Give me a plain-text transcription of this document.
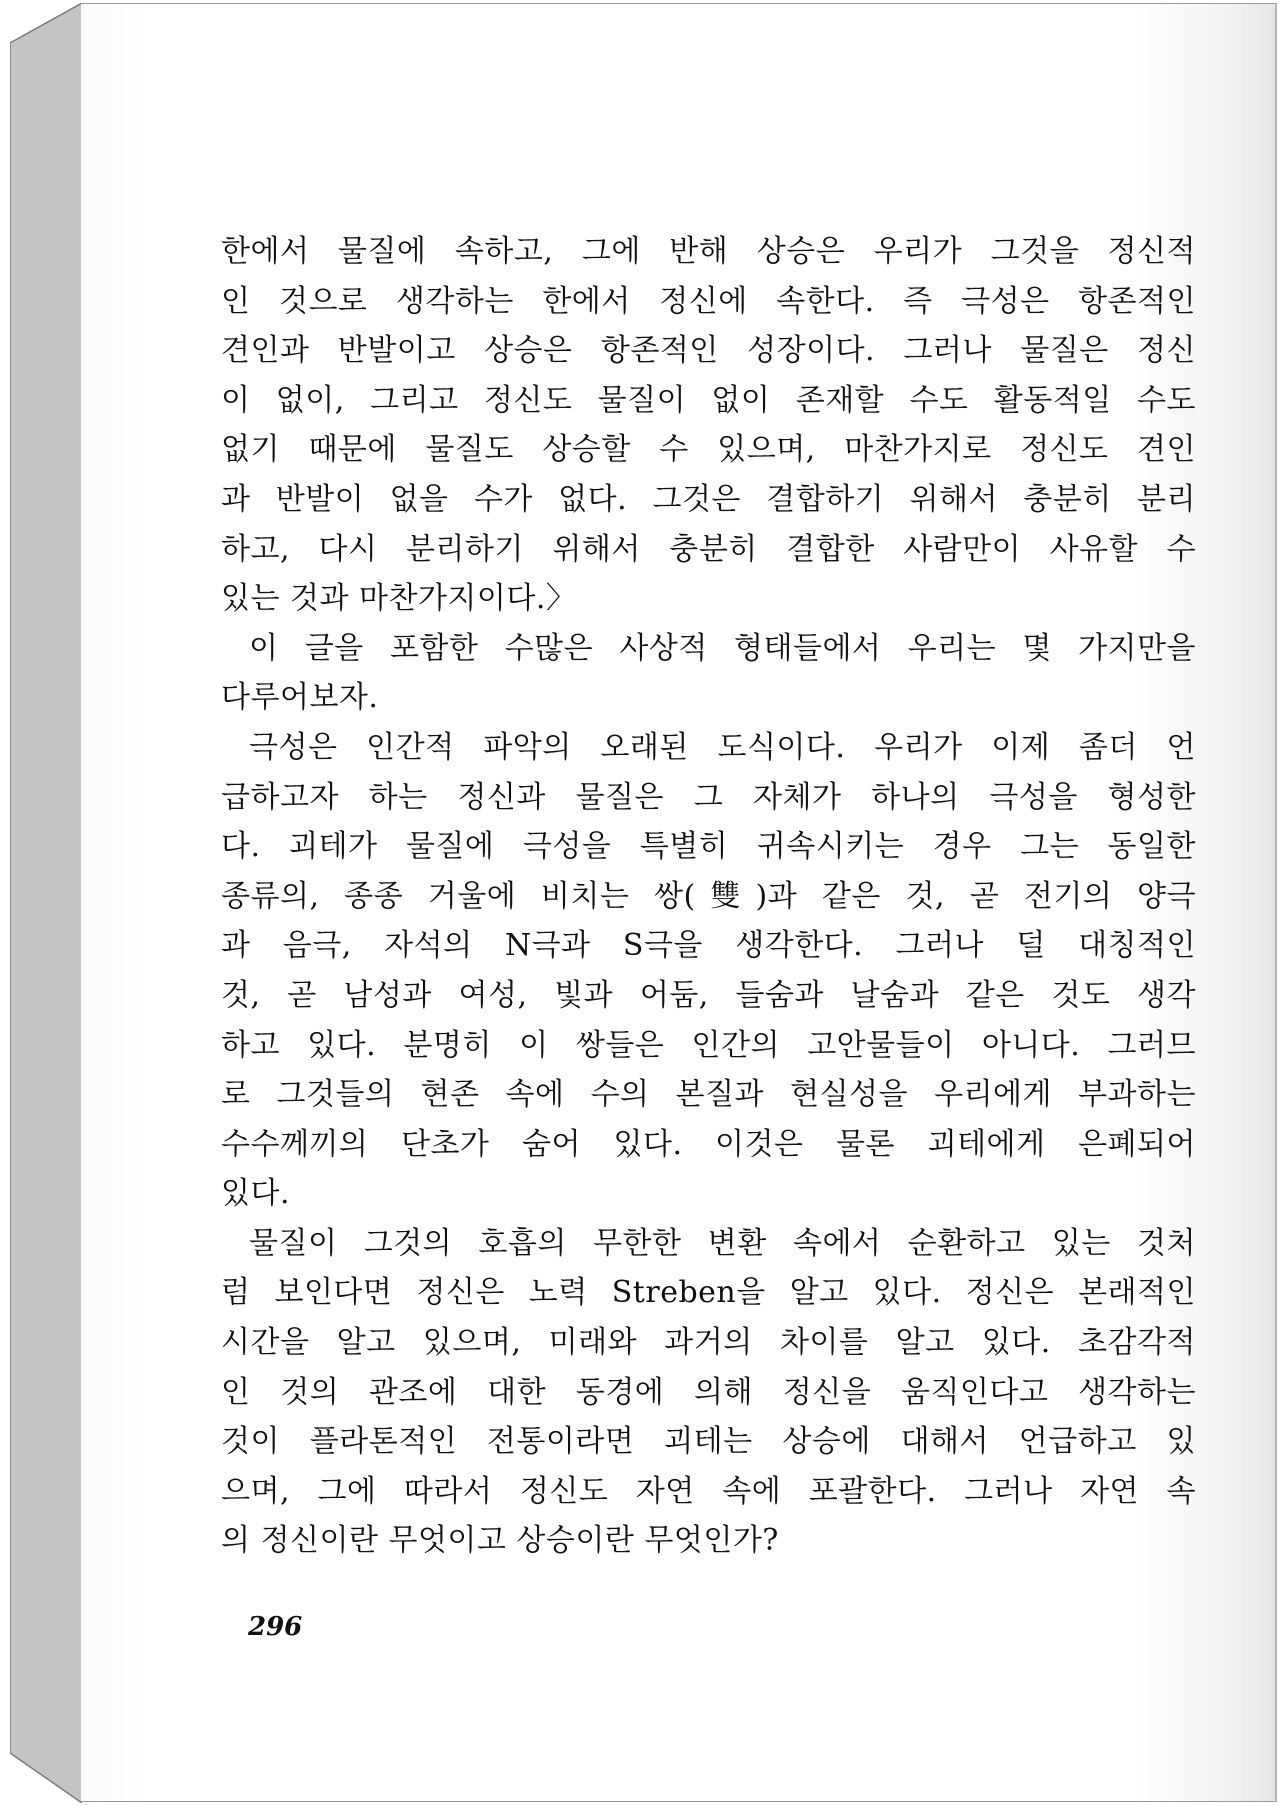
한에서 물질에 속하고, 그에 반해 상승은 우리가 그것을 정신적
인 것으로 생각하는 한에서 정신에 속한다. 즉 극성은 항존적인
견인과 반발이고 상승은 항존적인 성장이다. 그러나 물질은 정신
이 없이, 그리고 정신도 물질이 없이 존재할 수도 활동적일 수도
없기 때문에 물질도 상승할 수 있으며, 마찬가지로 정신도 견인
과 반발이 없을 수가 없다. 그것은 결합하기 위해서 충분히 분리
하고, 다시 분리하기 위해서 충분히 결합한 사람만이 사유할 수
있는 것과 마찬가지이다.〉
이 글을 포함한 수많은 사상적 형태들에서 우리는 몇 가지만을
다루어보자.
극성은 인간적 파악의 오래된 도식이다. 우리가 이제 좀더 언
급하고자 하는 정신과 물질은 그 자체가 하나의 극성을 형성한
다. 괴테가 물질에 극성을 특별히 귀속시키는 경우 그는 동일한
종류의, 종종 거울에 비치는 쌍(雙)과 같은 것, 곧 전기의 양극
과 음극, 자석의 N극과 S극을 생각한다. 그러나 덜 대칭적인
것, 곧 남성과 여성, 빛과 어둠, 들숨과 날숨과 같은 것도 생각
하고 있다. 분명히 이 쌍들은 인간의 고안물들이 아니다. 그러므
로 그것들의 현존 속에 수의 본질과 현실성을 우리에게 부과하는
수수께끼의 단초가 숨어 있다. 이것은 물론 괴테에게 은폐되어
있다.
물질이 그것의 호흡의 무한한 변환 속에서 순환하고 있는 것처
럼 보인다면 정신은 노력 Streben을 알고 있다. 정신은 본래적인
시간을 알고 있으며, 미래와 과거의 차이를 알고 있다. 초감각적
인 것의 관조에 대한 동경에 의해 정신을 움직인다고 생각하는
것이 플라톤적인 전통이라면 괴테는 상승에 대해서 언급하고 있
으며, 그에 따라서 정신도 자연 속에 포괄한다. 그러나 자연 속
의 정신이란 무엇이고 상승이란 무엇인가?
296
